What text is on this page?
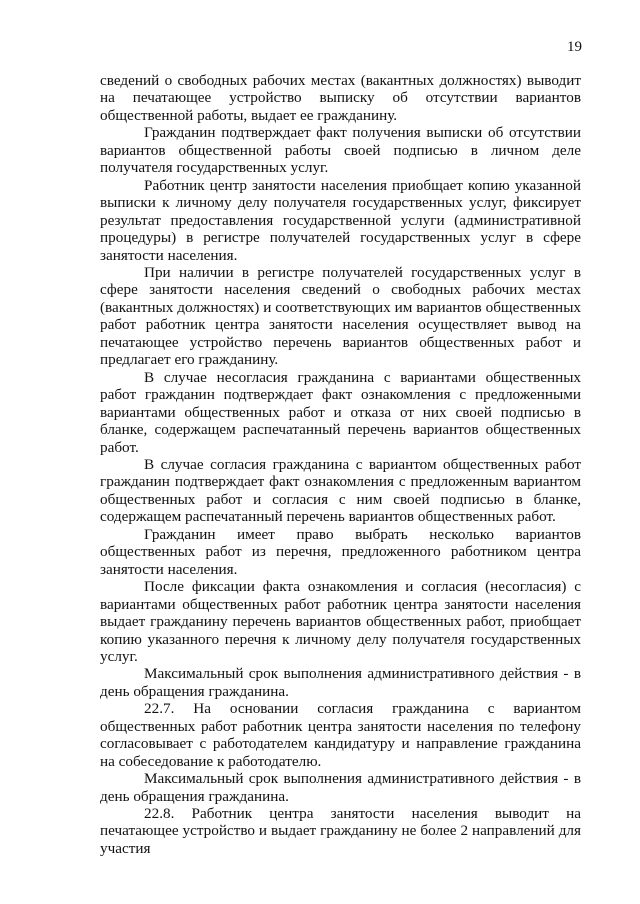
19

сведений о свободных рабочих местах (вакантных должностях) выводит на печатающее устройство выписку об отсутствии вариантов общественной работы, выдает ее гражданину.

Гражданин подтверждает факт получения выписки об отсутствии вариантов общественной работы своей подписью в личном деле получателя государственных услуг.

Работник центр занятости населения приобщает копию указанной выписки к личному делу получателя государственных услуг, фиксирует результат предоставления государственной услуги (административной процедуры) в регистре получателей государственных услуг в сфере занятости населения.

При наличии в регистре получателей государственных услуг в сфере занятости населения сведений о свободных рабочих местах (вакантных должностях) и соответствующих им вариантов общественных работ работник центра занятости населения осуществляет вывод на печатающее устройство перечень вариантов общественных работ и предлагает его гражданину.

В случае несогласия гражданина с вариантами общественных работ гражданин подтверждает факт ознакомления с предложенными вариантами общественных работ и отказа от них своей подписью в бланке, содержащем распечатанный перечень вариантов общественных работ.

В случае согласия гражданина с вариантом общественных работ гражданин подтверждает факт ознакомления с предложенным вариантом общественных работ и согласия с ним своей подписью в бланке, содержащем распечатанный перечень вариантов общественных работ.

Гражданин имеет право выбрать несколько вариантов общественных работ из перечня, предложенного работником центра занятости населения.

После фиксации факта ознакомления и согласия (несогласия) с вариантами общественных работ работник центра занятости населения выдает гражданину перечень вариантов общественных работ, приобщает копию указанного перечня к личному делу получателя государственных услуг.

Максимальный срок выполнения административного действия - в день обращения гражданина.

22.7. На основании согласия гражданина с вариантом общественных работ работник центра занятости населения по телефону согласовывает с работодателем кандидатуру и направление гражданина на собеседование к работодателю.

Максимальный срок выполнения административного действия - в день обращения гражданина.

22.8. Работник центра занятости населения выводит на печатающее устройство и выдает гражданину не более 2 направлений для участия
